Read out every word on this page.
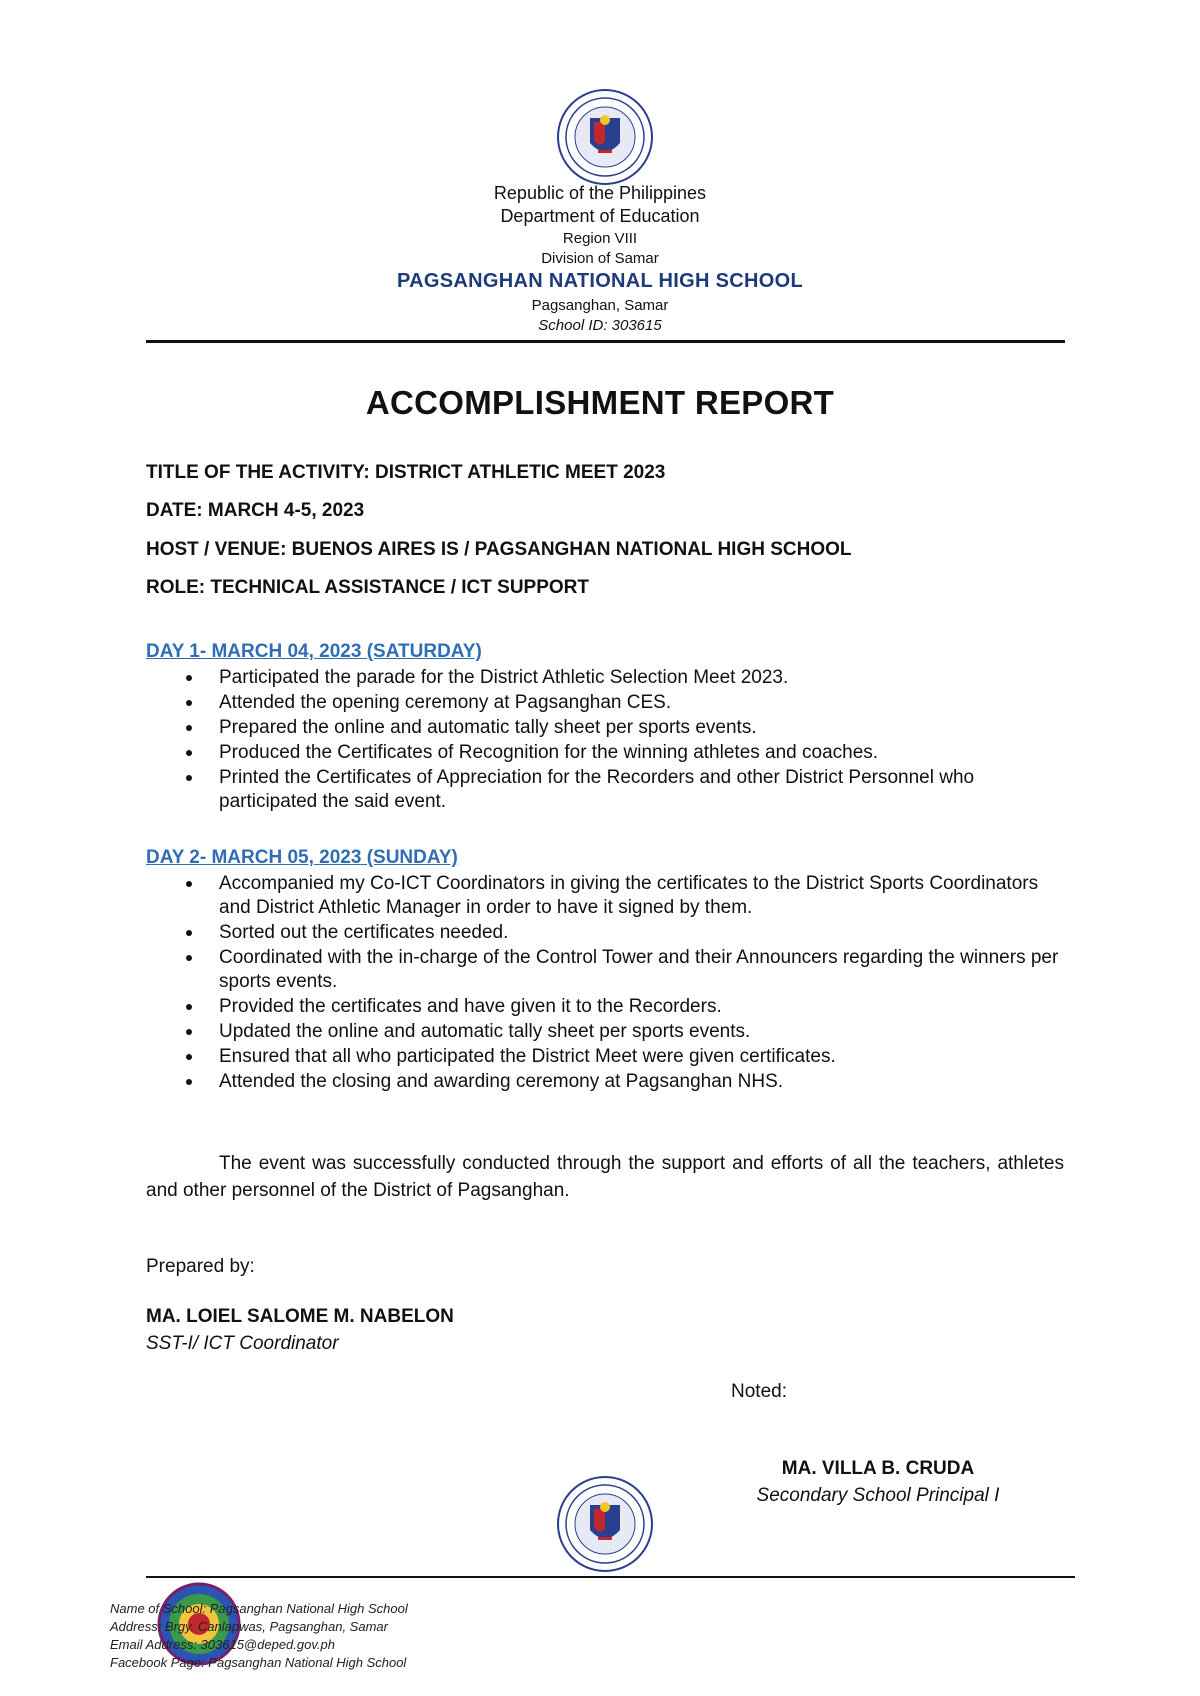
Republic of the Philippines
Department of Education
Region VIII
Division of Samar
PAGSANGHAN NATIONAL HIGH SCHOOL
Pagsanghan, Samar
School ID: 303615
ACCOMPLISHMENT REPORT
TITLE OF THE ACTIVITY: DISTRICT ATHLETIC MEET 2023
DATE: MARCH 4-5, 2023
HOST / VENUE: BUENOS AIRES IS / PAGSANGHAN NATIONAL HIGH SCHOOL
ROLE: TECHNICAL ASSISTANCE / ICT SUPPORT
DAY 1- MARCH 04, 2023 (SATURDAY)
Participated the parade for the District Athletic Selection Meet 2023.
Attended the opening ceremony at Pagsanghan CES.
Prepared the online and automatic tally sheet per sports events.
Produced the Certificates of Recognition for the winning athletes and coaches.
Printed the Certificates of Appreciation for the Recorders and other District Personnel who participated the said event.
DAY 2- MARCH 05, 2023 (SUNDAY)
Accompanied my Co-ICT Coordinators in giving the certificates to the District Sports Coordinators and District Athletic Manager in order to have it signed by them.
Sorted out the certificates needed.
Coordinated with the in-charge of the Control Tower and their Announcers regarding the winners per sports events.
Provided the certificates and have given it to the Recorders.
Updated the online and automatic tally sheet per sports events.
Ensured that all who participated the District Meet were given certificates.
Attended the closing and awarding ceremony at Pagsanghan NHS.
The event was successfully conducted through the support and efforts of all the teachers, athletes and other personnel of the District of Pagsanghan.
Prepared by:
MA. LOIEL SALOME M. NABELON
SST-I/ ICT Coordinator
Noted:
MA. VILLA B. CRUDA
Secondary School Principal I
Name of School: Pagsanghan National High School
Address: Brgy. Canlapwas, Pagsanghan, Samar
Email Address: 303615@deped.gov.ph
Facebook Page: Pagsanghan National High School
